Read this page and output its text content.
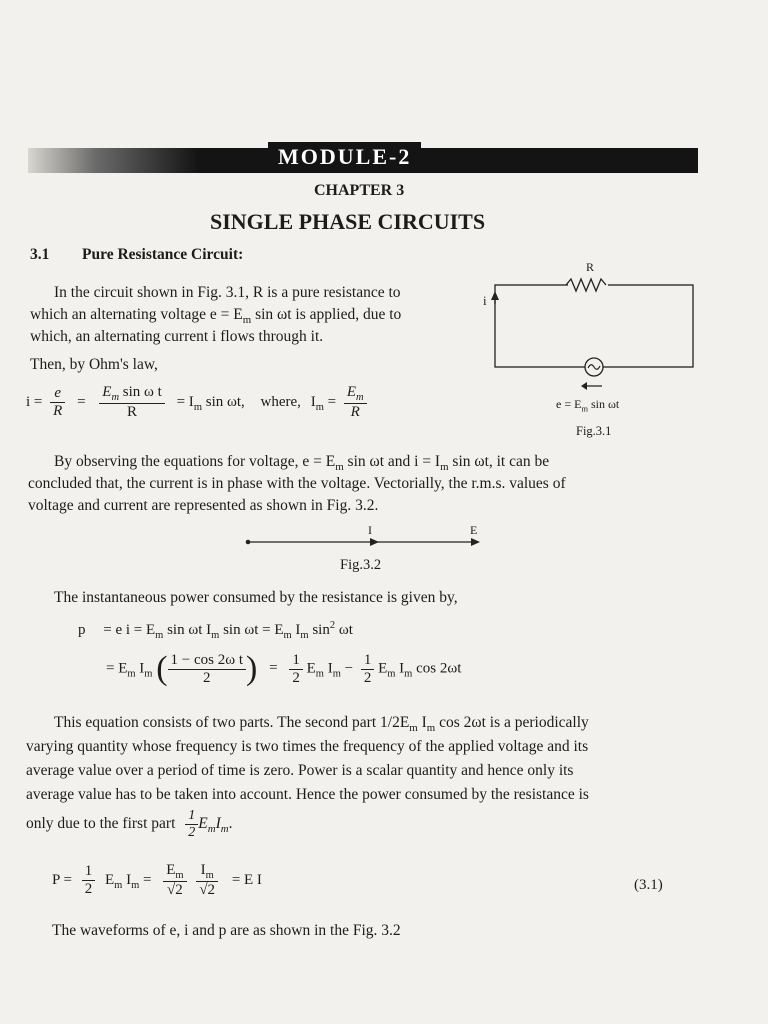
MODULE-2
CHAPTER 3
SINGLE PHASE CIRCUITS
3.1 Pure Resistance Circuit:
In the circuit shown in Fig. 3.1, R is a pure resistance to
which an alternating voltage $e = E_m$ sin ωt is applied, due to
which, an alternating current i flows through it.
Then, by Ohm's law,
$i = \frac{e}{R} = \frac{E_m \sin \omega t}{R} = I_m$ sin ωt, where, $I_m = \frac{E_m}{R}$
R
i
$e = E_m$ sin ωt
Fig.3.1
By observing the equations for voltage, $e = E_m$ sin ωt and $i = I_m$ sin ωt, it can be
concluded that, the current is in phase with the voltage. Vectorially, the r.m.s. values of
voltage and current are represented as shown in Fig. 3.2.
I	E
Fig.3.2
The instantaneous power consumed by the resistance is given by,
p = e $i = E_m$ sin ωt $I_m$ $\sin \omega t = E_m$ $I_m$ $\sin^2 \omega t$
= $E_m$ $I_m$ ( $\frac{\text{1 − cos 2ω t}}{2}$ ) = $\frac{1}{2} E_m$ $I_m - \frac{1}{2} E_m$ $I_m$ cos 2ωt
This equation consists of two parts. The second part $1/2E_m$ $I_m$ cos 2ωt is a periodically
varying quantity whose frequency is two times the frequency of the applied voltage and its
average value over a period of time is zero. Power is a scalar quantity and hence only its
average value has to be taken into account. Hence the power consumed by the resistance is
only due to the first part $\frac{1}{2} E_mI_m$.
$P = \frac{1}{2} E_m$ $I_m = \frac{E_m}{√2}$
$\frac{I_m}{√2} = E$ I	(3.1)
The waveforms of e, i and p are as shown in the Fig. 3.2
